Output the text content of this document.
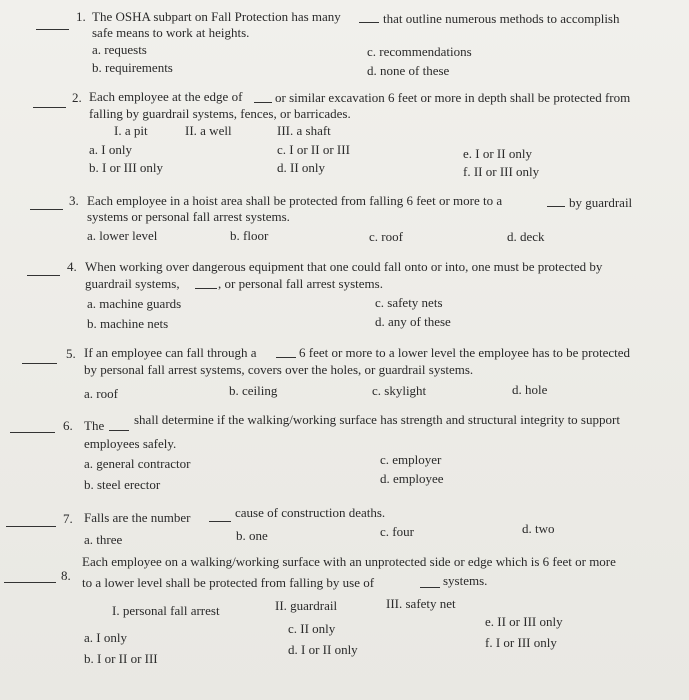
1. The OSHA subpart on Fall Protection has many	that outline numerous methods to accomplish
safe means to work at heights.
a. requests
b. requirements
c. recommendations
d. none of these
2. Each employee at the edge of	or similar excavation 6 feet or more in depth shall be protected from
falling by guardrail systems, fences, or barricades.
I. a pit	II. a well	III. a shaft
a. I only
b. I or III only
c. I or II or III
d. II only
e. I or II only
f. II or III only
3. Each employee in a hoist area shall be protected from falling 6 feet or more to a	by guardrail
systems or personal fall arrest systems.
a. lower level	b. floor	c. roof	d. deck
4. When working over dangerous equipment that one could fall onto or into, one must be protected by
guardrail systems,	, or personal fall arrest systems.
a. machine guards
b. machine nets
c. safety nets
d. any of these
5. If an employee can fall through a	6 feet or more to a lower level the employee has to be protected
by personal fall arrest systems, covers over the holes, or guardrail systems.
a. roof	b. ceiling	c. skylight	d. hole
6. The shall determine if the walking/working surface has strength and structural integrity to support
employees safely.
a. general contractor
b. steel erector
c. employer
d. employee
7. Falls are the number	cause of construction deaths.
a. three	b. one	c. four	d. two
8.
Each employee on a walking/working surface with an unprotected side or edge which is 6 feet or more
to a lower level shall be protected from falling by use of	systems.
I. personal fall arrest	II. guardrail	III. safety net
a. I only
b. I or II or III
c. II only
d. I or II only
e. II or III only
f. I or III only
